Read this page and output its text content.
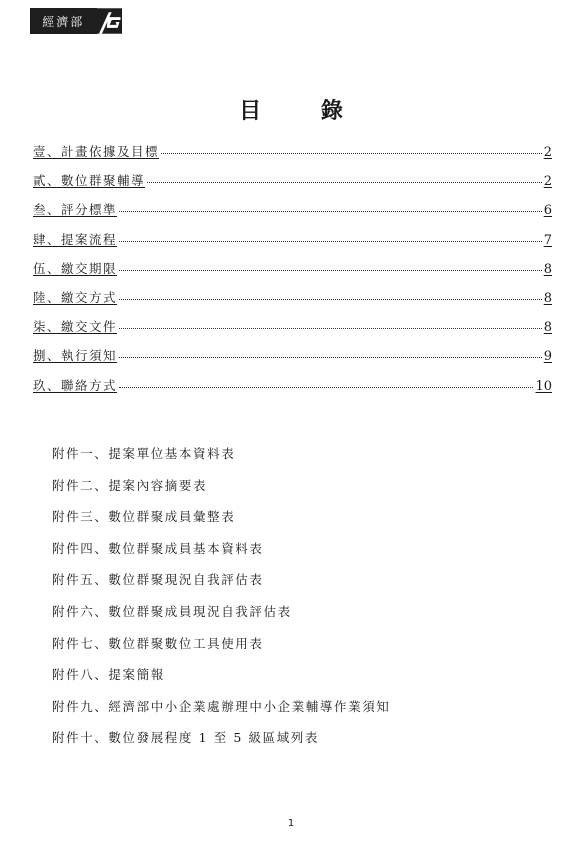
經濟部
目 錄
壹、計畫依據及目標	2
貳、數位群聚輔導	2
叁、評分標準	6
肆、提案流程	7
伍、繳交期限	8
陸、繳交方式	8
柒、繳交文件	8
捌、執行須知	9
玖、聯絡方式	10
附件一、提案單位基本資料表
附件二、提案內容摘要表
附件三、數位群聚成員彙整表
附件四、數位群聚成員基本資料表
附件五、數位群聚現況自我評估表
附件六、數位群聚成員現況自我評估表
附件七、數位群聚數位工具使用表
附件八、提案簡報
附件九、經濟部中小企業處辦理中小企業輔導作業須知
附件十、數位發展程度 1 至 5 級區域列表
1
